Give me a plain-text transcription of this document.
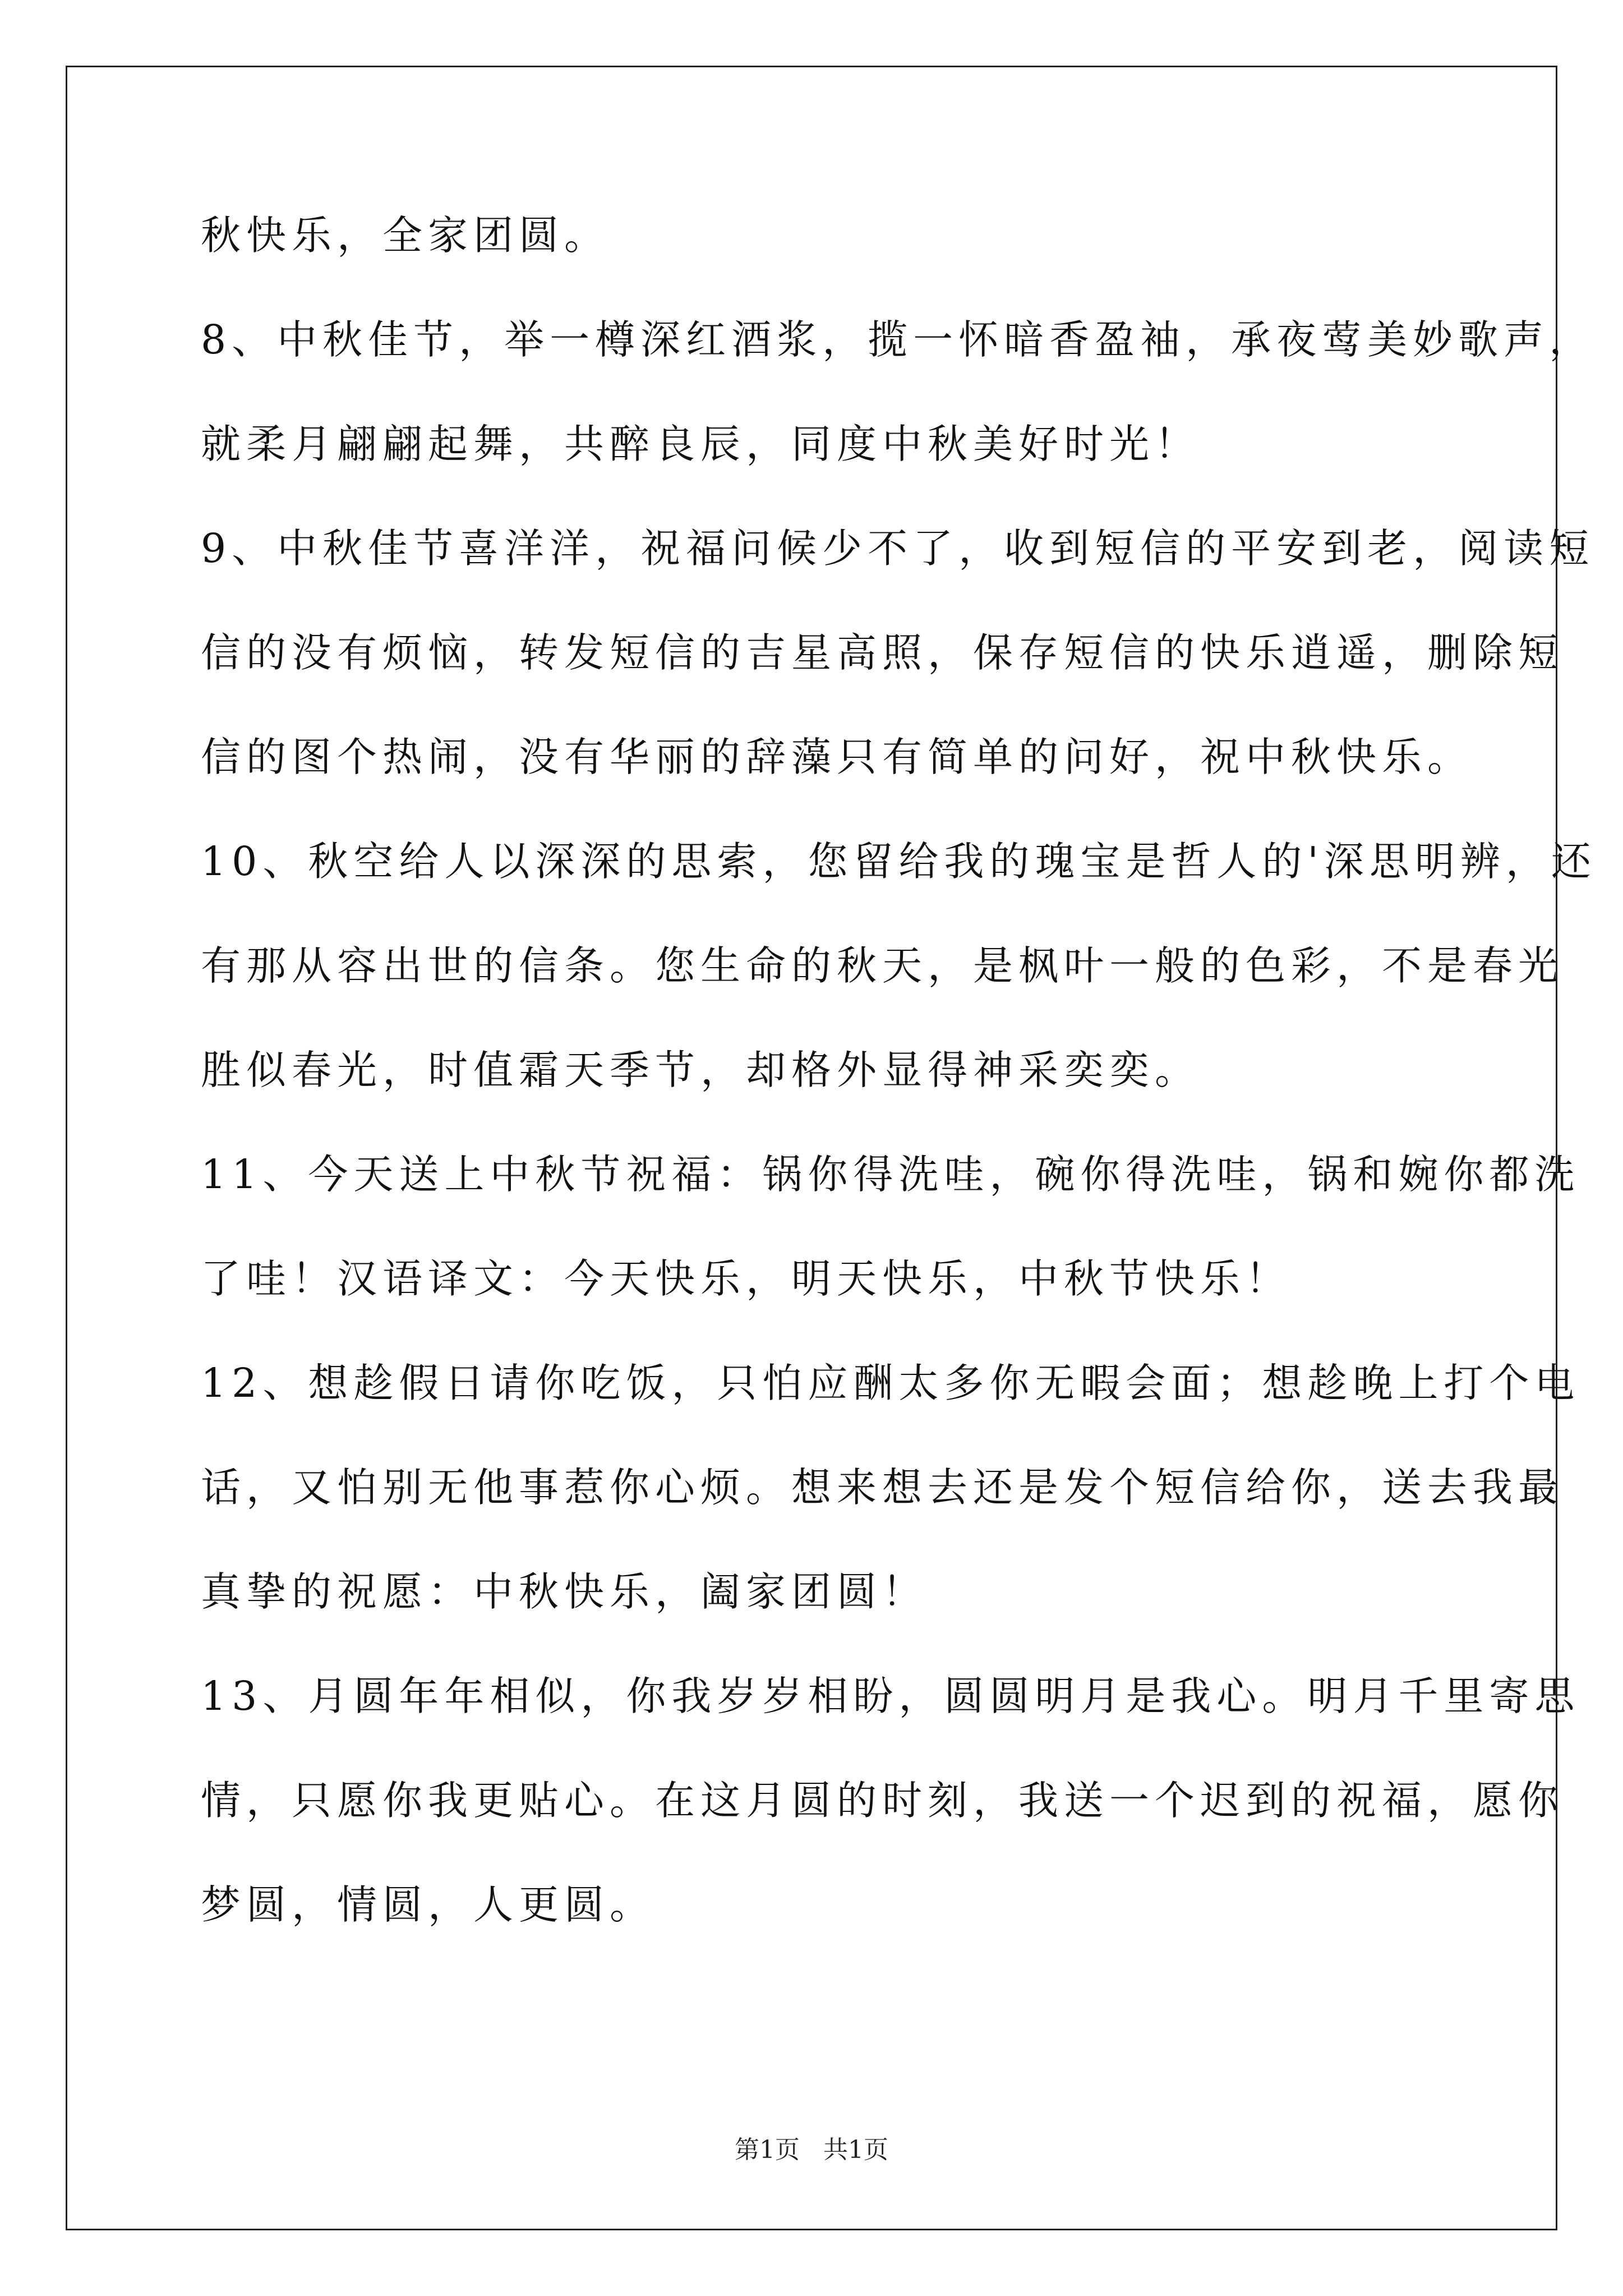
秋快乐，全家团圆。
8、中秋佳节，举一樽深红酒浆，揽一怀暗香盈袖，承夜莺美妙歌声，
就柔月翩翩起舞，共醉良辰，同度中秋美好时光！
9、中秋佳节喜洋洋，祝福问候少不了，收到短信的平安到老，阅读短
信的没有烦恼，转发短信的吉星高照，保存短信的快乐逍遥，删除短
信的图个热闹，没有华丽的辞藻只有简单的问好，祝中秋快乐。
10、秋空给人以深深的思索，您留给我的瑰宝是哲人的'深思明辨，还
有那从容出世的信条。您生命的秋天，是枫叶一般的色彩，不是春光
胜似春光，时值霜天季节，却格外显得神采奕奕。
11、今天送上中秋节祝福：锅你得洗哇，碗你得洗哇，锅和婉你都洗
了哇！汉语译文：今天快乐，明天快乐，中秋节快乐！
12、想趁假日请你吃饭，只怕应酬太多你无暇会面；想趁晚上打个电
话，又怕别无他事惹你心烦。想来想去还是发个短信给你，送去我最
真挚的祝愿：中秋快乐，阖家团圆！
13、月圆年年相似，你我岁岁相盼，圆圆明月是我心。明月千里寄思
情，只愿你我更贴心。在这月圆的时刻，我送一个迟到的祝福，愿你
梦圆，情圆，人更圆。
第1页   共1页
